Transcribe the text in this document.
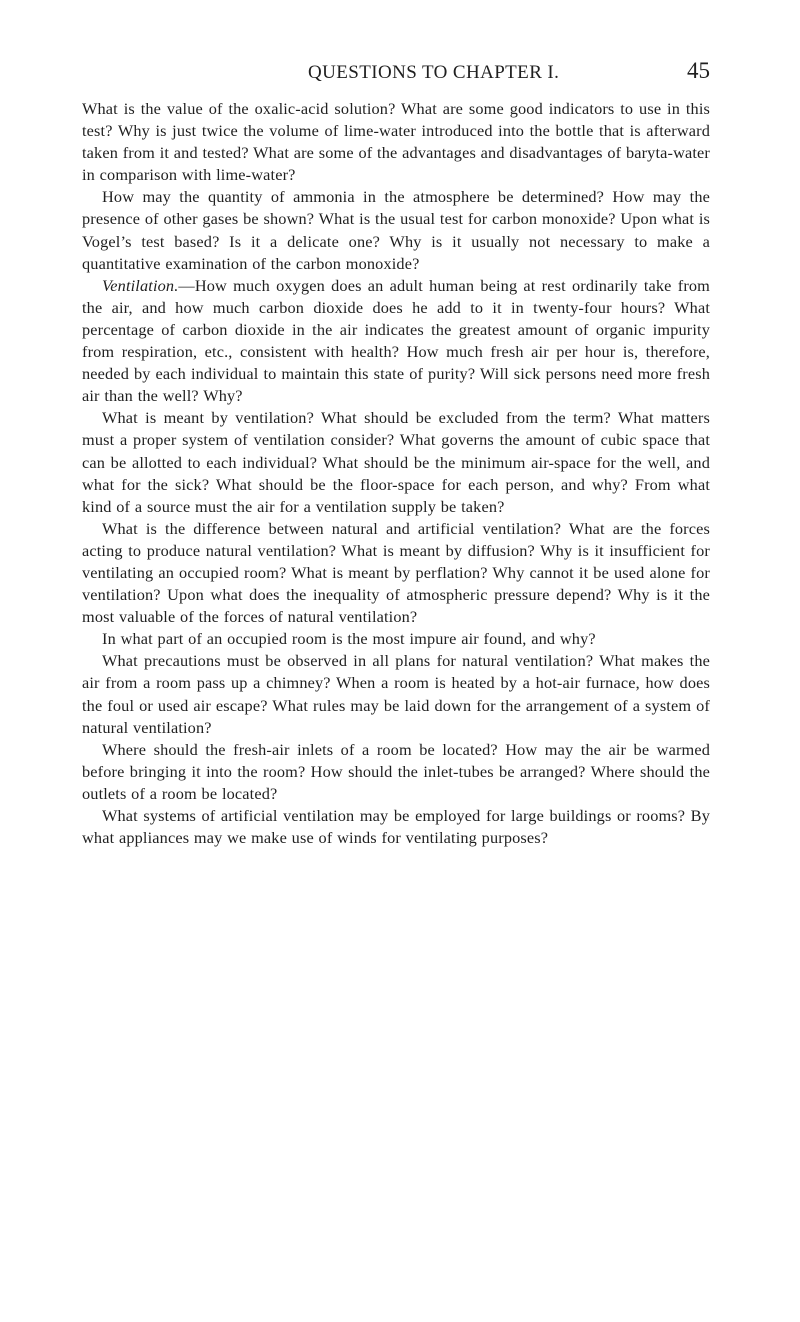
QUESTIONS TO CHAPTER I.	45

What is the value of the oxalic-acid solution? What are some good indicators to use in this test? Why is just twice the volume of lime-water introduced into the bottle that is afterward taken from it and tested? What are some of the advantages and disadvantages of baryta-water in comparison with lime-water?

How may the quantity of ammonia in the atmosphere be determined? How may the presence of other gases be shown? What is the usual test for carbon monoxide? Upon what is Vogel’s test based? Is it a delicate one? Why is it usually not necessary to make a quantitative examination of the carbon monoxide?

Ventilation.—How much oxygen does an adult human being at rest ordinarily take from the air, and how much carbon dioxide does he add to it in twenty-four hours? What percentage of carbon dioxide in the air indicates the greatest amount of organic impurity from respiration, etc., consistent with health? How much fresh air per hour is, therefore, needed by each individual to maintain this state of purity? Will sick persons need more fresh air than the well? Why?

What is meant by ventilation? What should be excluded from the term? What matters must a proper system of ventilation consider? What governs the amount of cubic space that can be allotted to each individual? What should be the minimum air-space for the well, and what for the sick? What should be the floor-space for each person, and why? From what kind of a source must the air for a ventilation supply be taken?

What is the difference between natural and artificial ventilation? What are the forces acting to produce natural ventilation? What is meant by diffusion? Why is it insufficient for ventilating an occupied room? What is meant by perflation? Why cannot it be used alone for ventilation? Upon what does the inequality of atmospheric pressure depend? Why is it the most valuable of the forces of natural ventilation?

In what part of an occupied room is the most impure air found, and why?

What precautions must be observed in all plans for natural ventilation? What makes the air from a room pass up a chimney? When a room is heated by a hot-air furnace, how does the foul or used air escape? What rules may be laid down for the arrangement of a system of natural ventilation?

Where should the fresh-air inlets of a room be located? How may the air be warmed before bringing it into the room? How should the inlet-tubes be arranged? Where should the outlets of a room be located?

What systems of artificial ventilation may be employed for large buildings or rooms? By what appliances may we make use of winds for ventilating purposes?
